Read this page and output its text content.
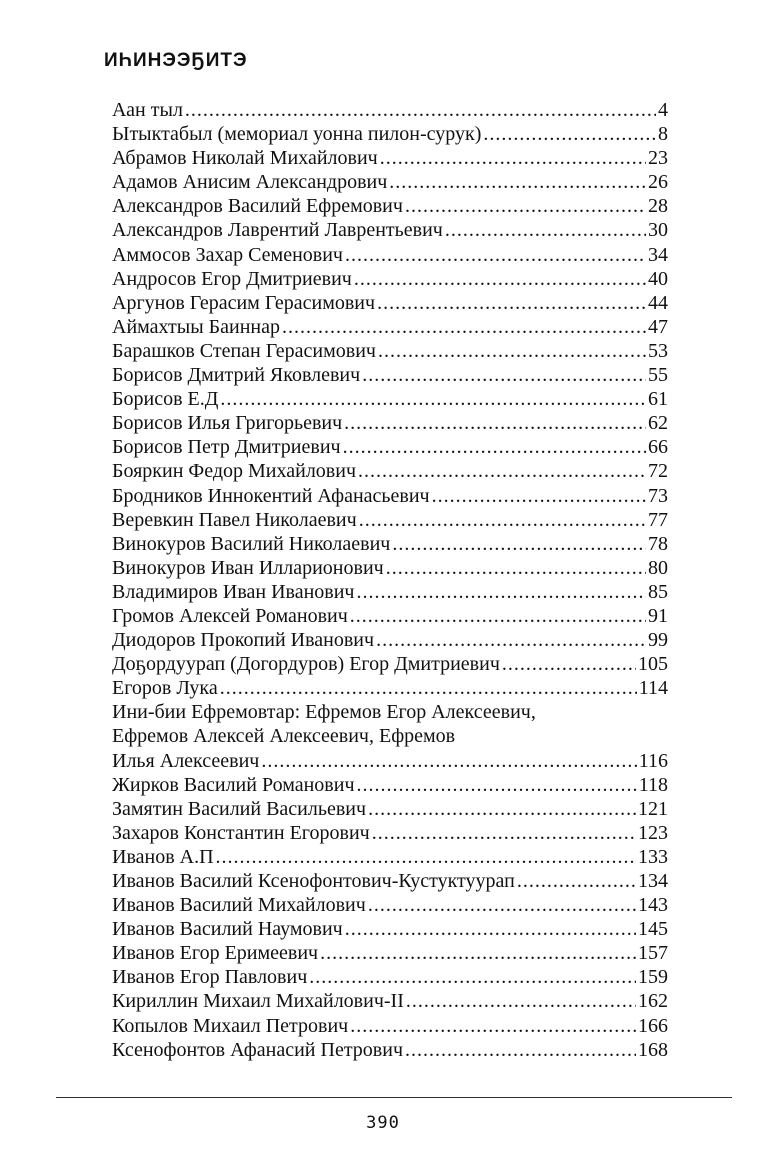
ИҺИНЭЭҔИТЭ
Аан тыл .....	4
Ытыктабыл (мемориал уонна пилон-сурук) .....	8
Абрамов Николай Михайлович .....	23
Адамов Анисим Александрович .....	26
Александров Василий Ефремович .....	28
Александров Лаврентий Лаврентьевич .....	30
Аммосов Захар Семенович .....	34
Андросов Егор Дмитриевич .....	40
Аргунов Герасим Герасимович .....	44
Аймахтыы Баиннар .....	47
Барашков Степан Герасимович .....	53
Борисов Дмитрий Яковлевич .....	55
Борисов Е.Д .....	61
Борисов Илья Григорьевич .....	62
Борисов Петр Дмитриевич .....	66
Бояркин Федор Михайлович .....	72
Бродников Иннокентий Афанасьевич .....	73
Веревкин Павел Николаевич .....	77
Винокуров Василий Николаевич .....	78
Винокуров Иван Илларионович .....	80
Владимиров Иван Иванович .....	85
Громов Алексей Романович .....	91
Диодоров Прокопий Иванович .....	99
Доҕордуурап (Догордуров) Егор Дмитриевич .....	105
Егоров Лука .....	114
Ини-бии Ефремовтар: Ефремов Егор Алексеевич,
Ефремов Алексей Алексеевич, Ефремов
Илья Алексеевич .....	116
Жирков Василий Романович .....	118
Замятин Василий Васильевич .....	121
Захаров Константин Егорович .....	123
Иванов А.П .....	133
Иванов Василий Ксенофонтович-Кустуктуурап .....	134
Иванов Василий Михайлович .....	143
Иванов Василий Наумович .....	145
Иванов Егор Еримеевич .....	157
Иванов Егор Павлович .....	159
Кириллин Михаил Михайлович-II .....	162
Копылов Михаил Петрович .....	166
Ксенофонтов Афанасий Петрович .....	168
390
